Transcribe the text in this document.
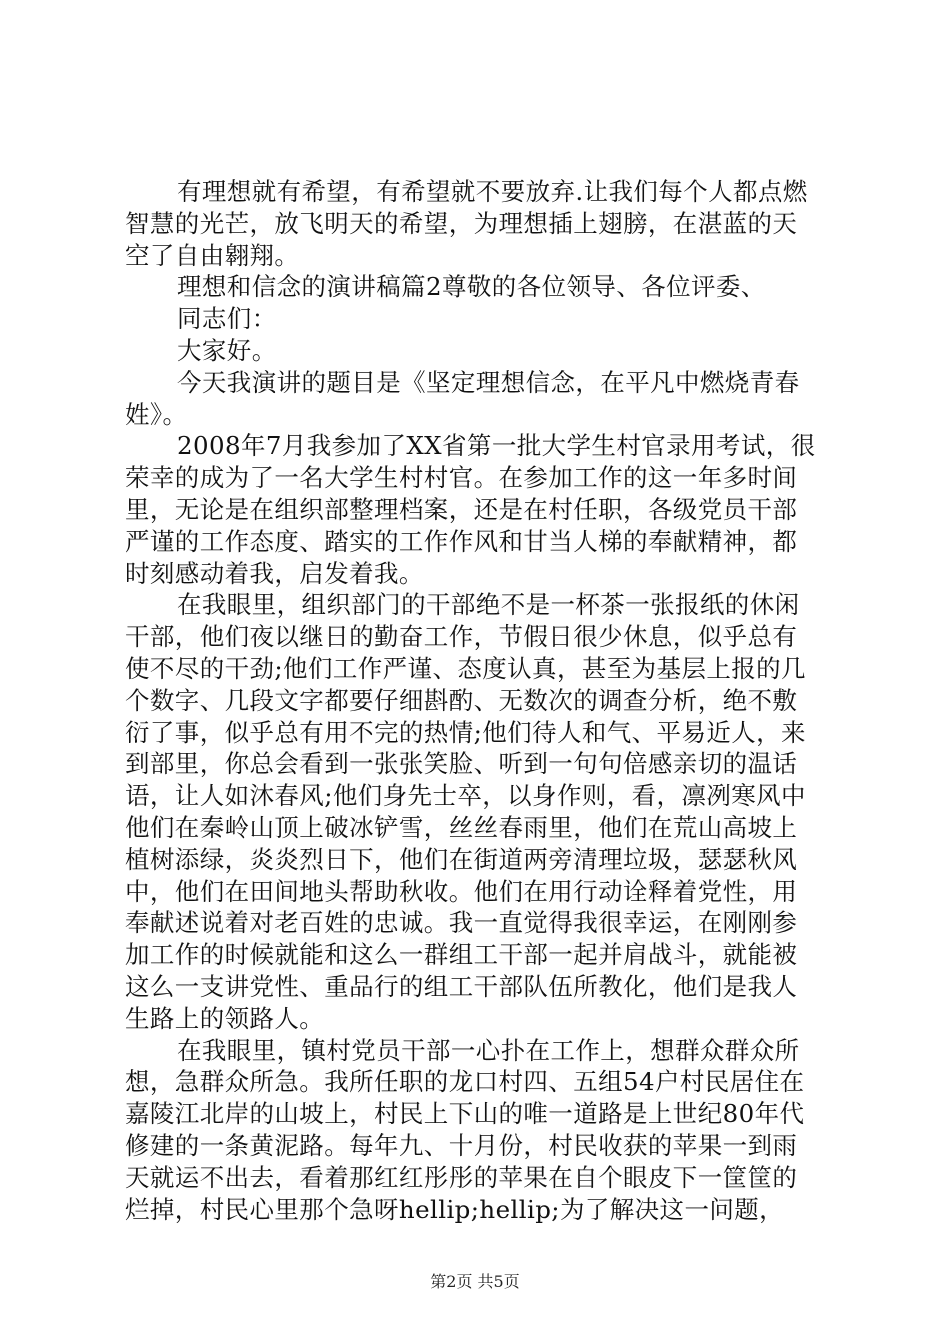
有理想就有希望，有希望就不要放弃.让我们每个人都点燃
智慧的光芒，放飞明天的希望，为理想插上翅膀，在湛蓝的天
空了自由翱翔。
理想和信念的演讲稿篇2尊敬的各位领导、各位评委、
同志们：
大家好。
今天我演讲的题目是《坚定理想信念，在平凡中燃烧青春
姓》。
2008年7月我参加了XX省第一批大学生村官录用考试，很
荣幸的成为了一名大学生村村官。在参加工作的这一年多时间
里，无论是在组织部整理档案，还是在村任职，各级党员干部
严谨的工作态度、踏实的工作作风和甘当人梯的奉献精神，都
时刻感动着我，启发着我。
在我眼里，组织部门的干部绝不是一杯茶一张报纸的休闲
干部，他们夜以继日的勤奋工作，节假日很少休息，似乎总有
使不尽的干劲;他们工作严谨、态度认真，甚至为基层上报的几
个数字、几段文字都要仔细斟酌、无数次的调查分析，绝不敷
衍了事，似乎总有用不完的热情;他们待人和气、平易近人，来
到部里，你总会看到一张张笑脸、听到一句句倍感亲切的温话
语，让人如沐春风;他们身先士卒，以身作则，看，凛冽寒风中
他们在秦岭山顶上破冰铲雪，丝丝春雨里，他们在荒山高坡上
植树添绿，炎炎烈日下，他们在街道两旁清理垃圾，瑟瑟秋风
中，他们在田间地头帮助秋收。他们在用行动诠释着党性，用
奉献述说着对老百姓的忠诚。我一直觉得我很幸运，在刚刚参
加工作的时候就能和这么一群组工干部一起并肩战斗，就能被
这么一支讲党性、重品行的组工干部队伍所教化，他们是我人
生路上的领路人。
在我眼里，镇村党员干部一心扑在工作上，想群众群众所
想，急群众所急。我所任职的龙口村四、五组54户村民居住在
嘉陵江北岸的山坡上，村民上下山的唯一道路是上世纪80年代
修建的一条黄泥路。每年九、十月份，村民收获的苹果一到雨
天就运不出去，看着那红红彤彤的苹果在自个眼皮下一筐筐的
烂掉，村民心里那个急呀hellip;hellip;为了解决这一问题，
第2页 共5页
